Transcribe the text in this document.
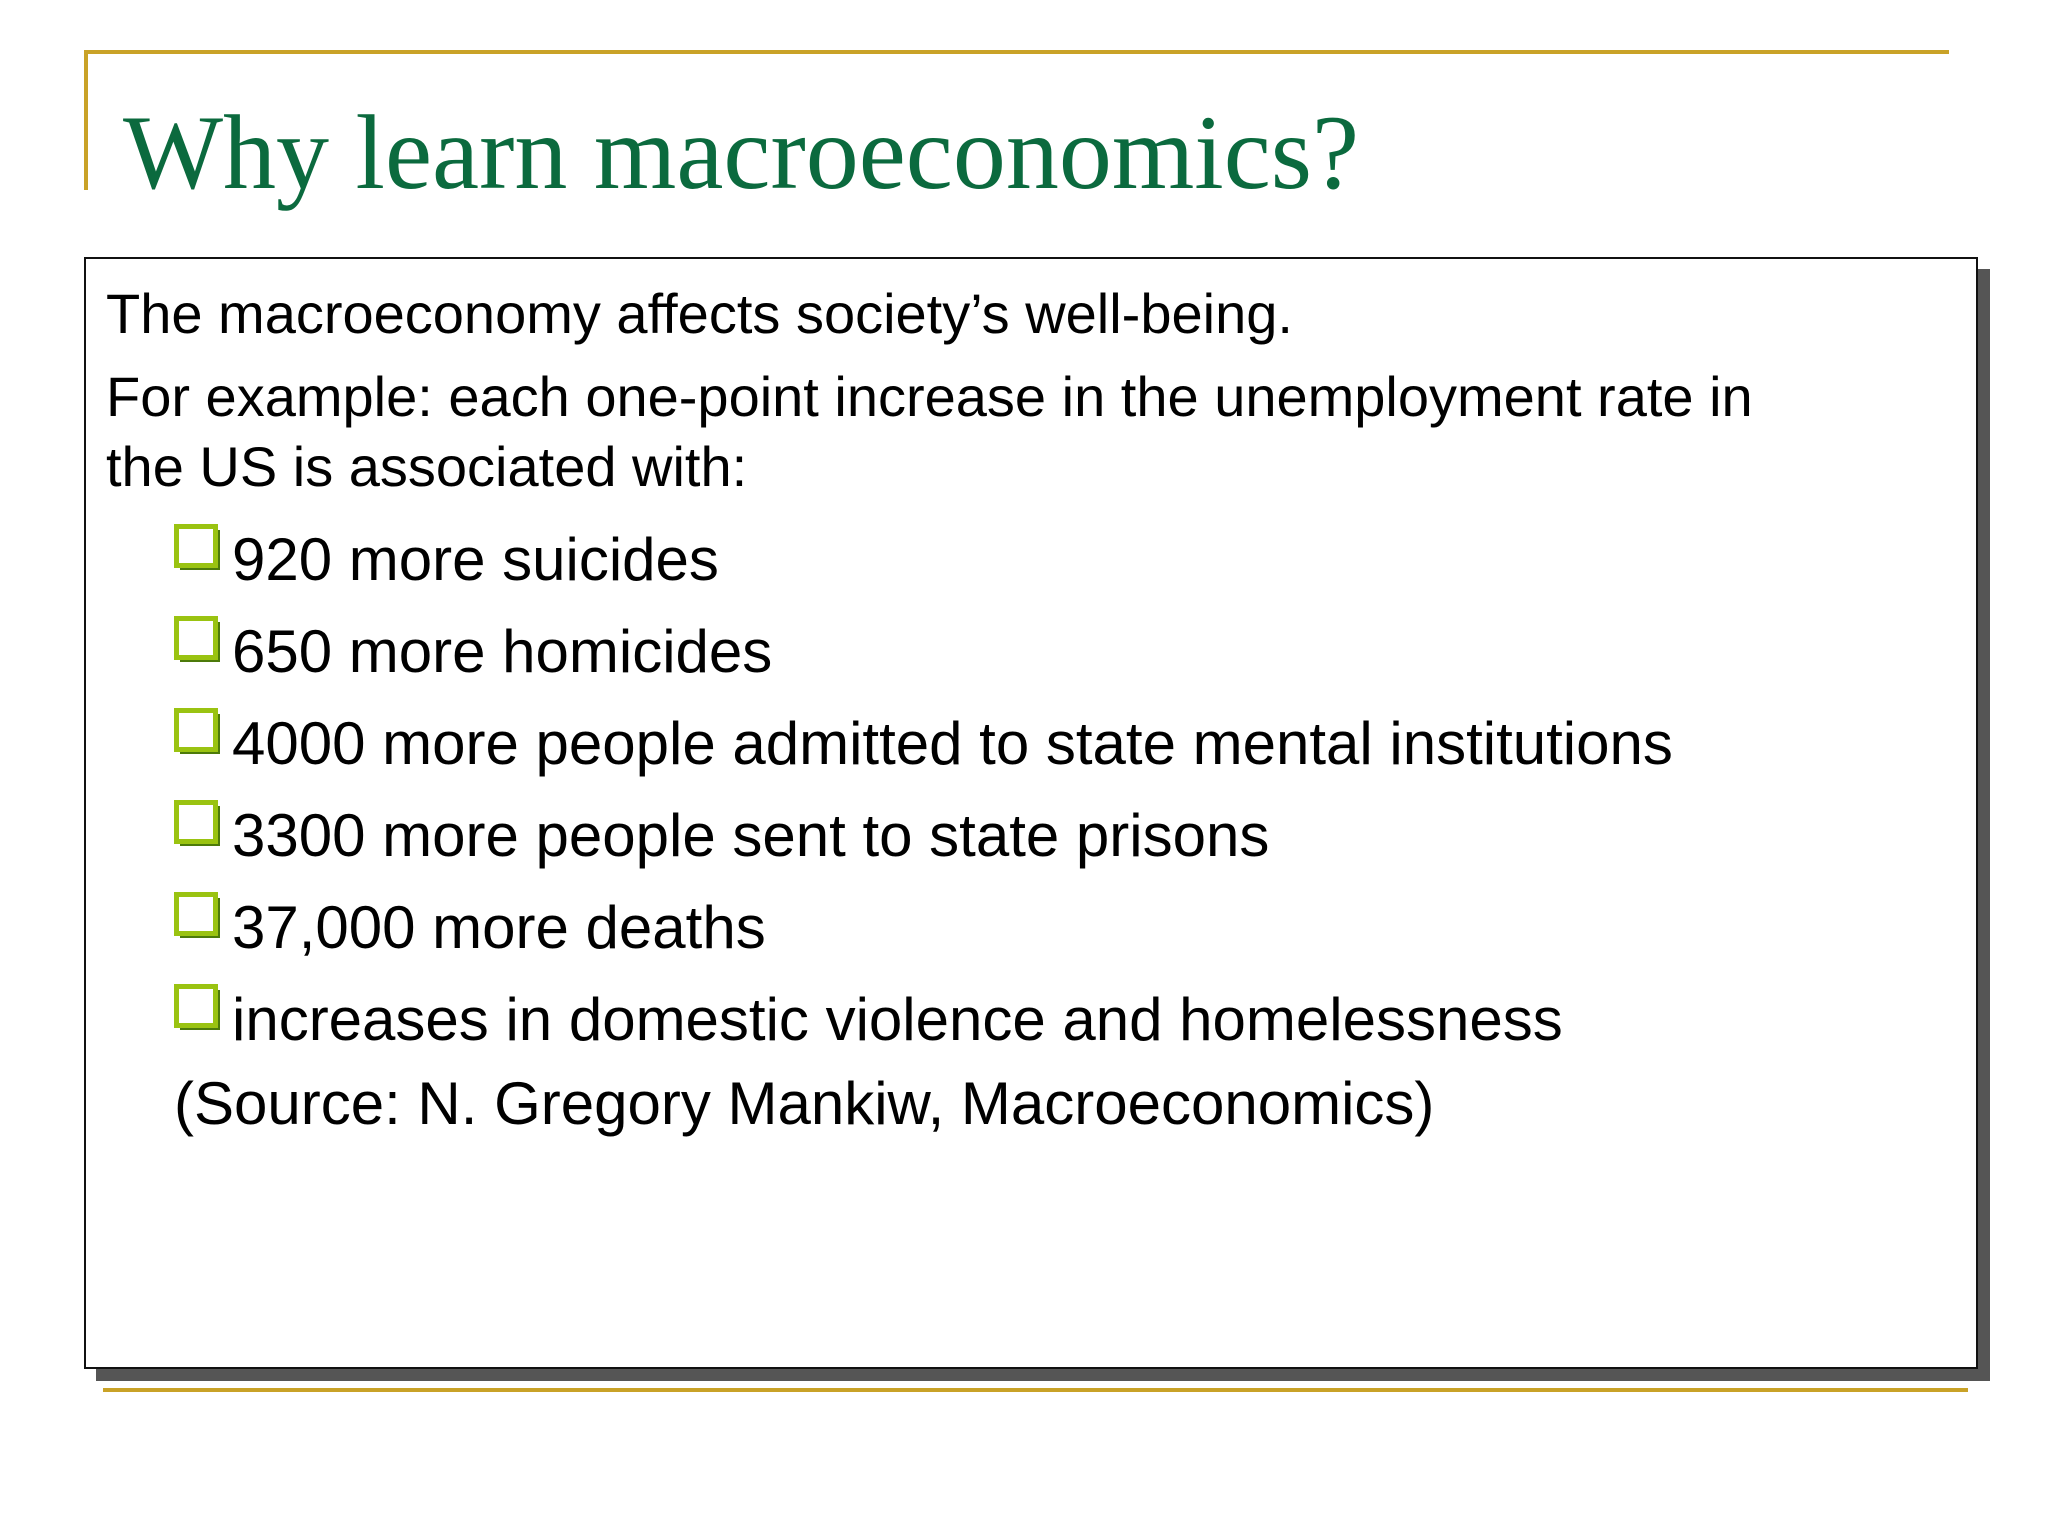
Why learn macroeconomics?

The macroeconomy affects society’s well-being.

For example: each one-point increase in the unemployment rate in

the US is associated with:

920 more suicides
650 more homicides
4000 more people admitted to state mental institutions
3300 more people sent to state prisons
37,000 more deaths
increases in domestic violence and homelessness

(Source: N. Gregory Mankiw, Macroeconomics)
